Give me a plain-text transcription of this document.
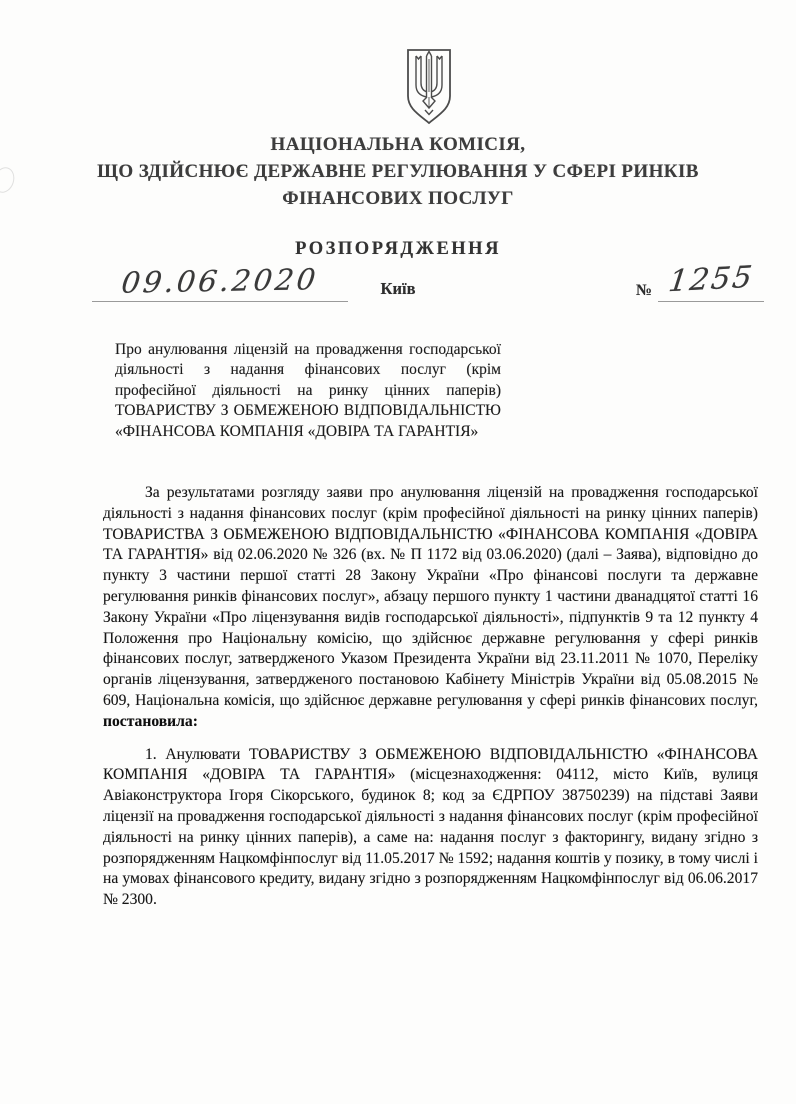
НАЦІОНАЛЬНА КОМІСІЯ,
ЩО ЗДІЙСНЮЄ ДЕРЖАВНЕ РЕГУЛЮВАННЯ У СФЕРІ РИНКІВ
ФІНАНСОВИХ ПОСЛУГ
РОЗПОРЯДЖЕННЯ
09.06.2020	Київ	№ 1255
Про анулювання ліцензій на провадження господарської діяльності з надання фінансових послуг (крім професійної діяльності на ринку цінних паперів) ТОВАРИСТВУ З ОБМЕЖЕНОЮ ВІДПОВІДАЛЬНІСТЮ «ФІНАНСОВА КОМПАНІЯ «ДОВІРА ТА ГАРАНТІЯ»

За результатами розгляду заяви про анулювання ліцензій на провадження господарської діяльності з надання фінансових послуг (крім професійної діяльності на ринку цінних паперів) ТОВАРИСТВА З ОБМЕЖЕНОЮ ВІДПОВІДАЛЬНІСТЮ «ФІНАНСОВА КОМПАНІЯ «ДОВІРА ТА ГАРАНТІЯ» від 02.06.2020 № 326 (вх. № П 1172 від 03.06.2020) (далі – Заява), відповідно до пункту 3 частини першої статті 28 Закону України «Про фінансові послуги та державне регулювання ринків фінансових послуг», абзацу першого пункту 1 частини дванадцятої статті 16 Закону України «Про ліцензування видів господарської діяльності», підпунктів 9 та 12 пункту 4 Положення про Національну комісію, що здійснює державне регулювання у сфері ринків фінансових послуг, затвердженого Указом Президента України від 23.11.2011 № 1070, Переліку органів ліцензування, затвердженого постановою Кабінету Міністрів України від 05.08.2015 № 609, Національна комісія, що здійснює державне регулювання у сфері ринків фінансових послуг, постановила:

1. Анулювати ТОВАРИСТВУ З ОБМЕЖЕНОЮ ВІДПОВІДАЛЬНІСТЮ «ФІНАНСОВА КОМПАНІЯ «ДОВІРА ТА ГАРАНТІЯ» (місцезнаходження: 04112, місто Київ, вулиця Авіаконструктора Ігоря Сікорського, будинок 8; код за ЄДРПОУ 38750239) на підставі Заяви ліцензії на провадження господарської діяльності з надання фінансових послуг (крім професійної діяльності на ринку цінних паперів), а саме на: надання послуг з факторингу, видану згідно з розпорядженням Нацкомфінпослуг від 11.05.2017 № 1592; надання коштів у позику, в тому числі і на умовах фінансового кредиту, видану згідно з розпорядженням Нацкомфінпослуг від 06.06.2017 № 2300.
